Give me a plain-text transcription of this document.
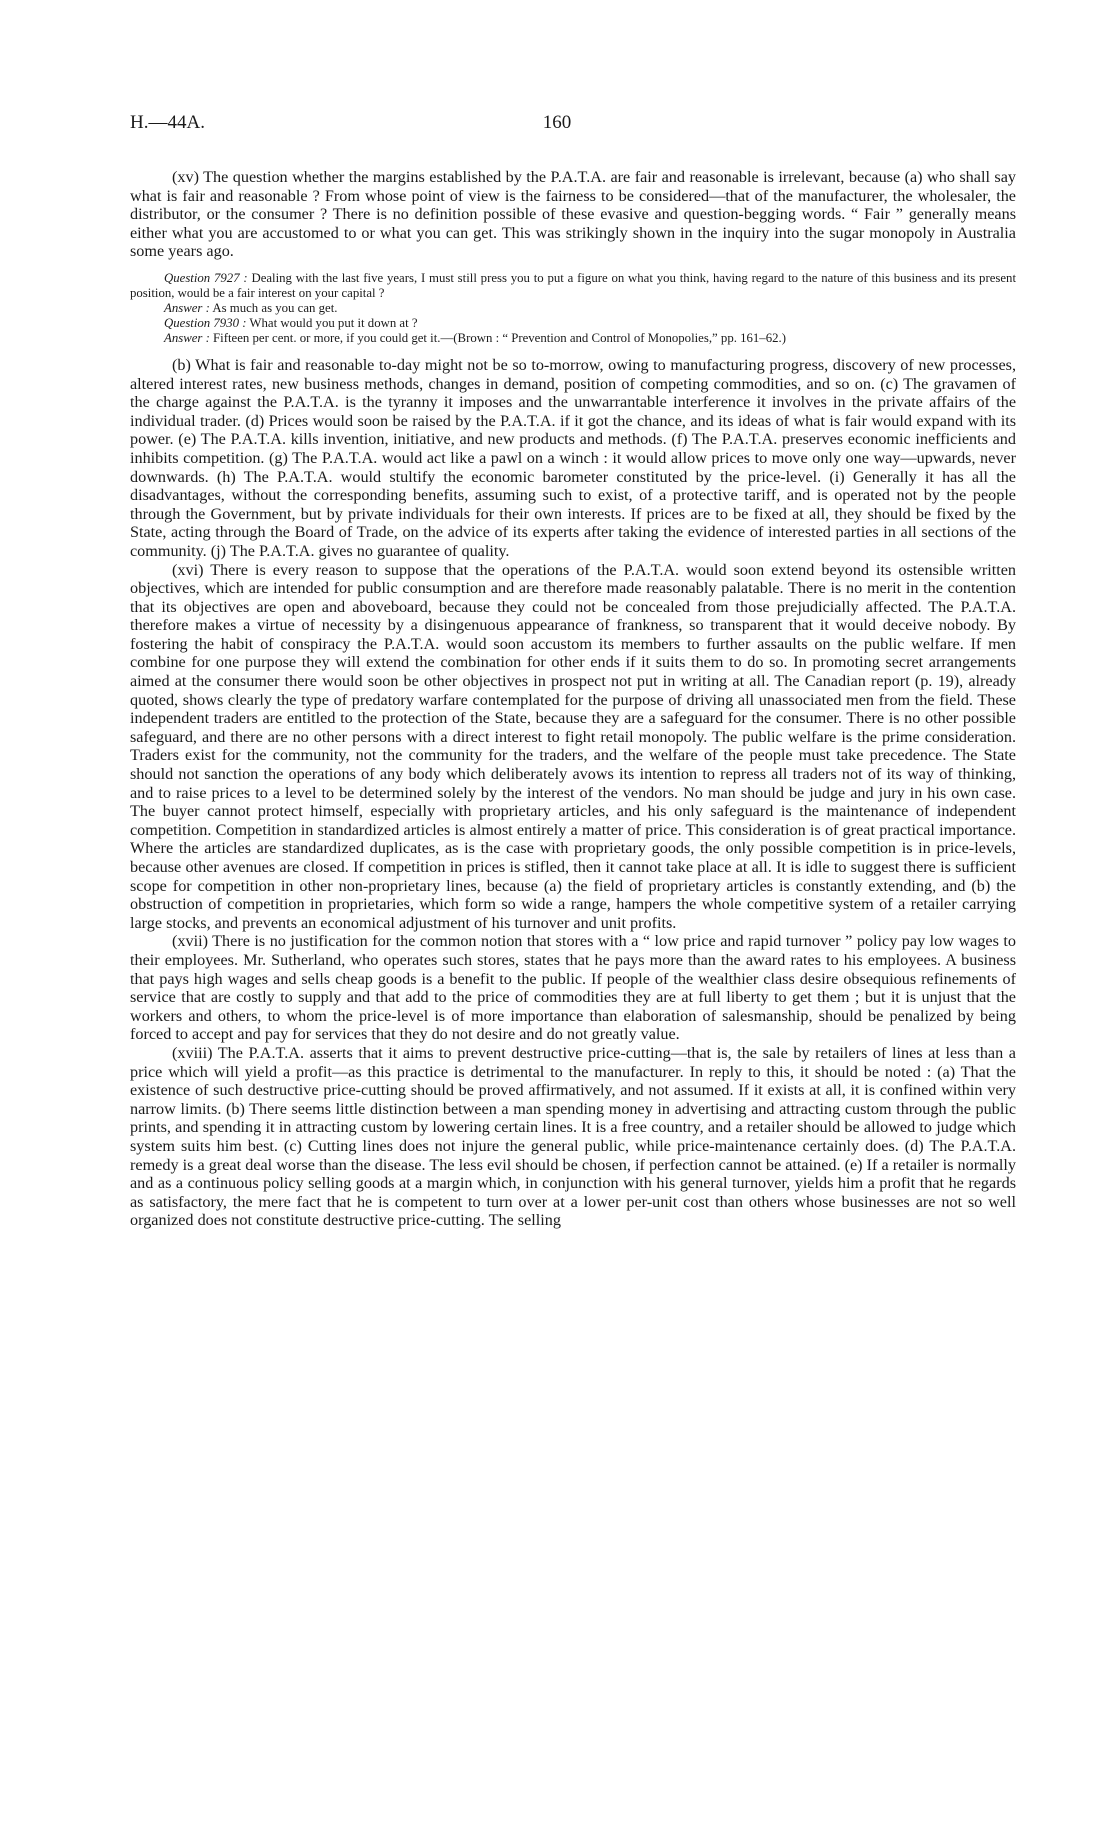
H.—44A.	160

(xv) The question whether the margins established by the P.A.T.A. are fair and reasonable is irrelevant, because (a) who shall say what is fair and reasonable ? From whose point of view is the fairness to be considered—that of the manufacturer, the wholesaler, the distributor, or the consumer ? There is no definition possible of these evasive and question-begging words. “ Fair ” generally means either what you are accustomed to or what you can get. This was strikingly shown in the inquiry into the sugar monopoly in Australia some years ago.

Question 7927 : Dealing with the last five years, I must still press you to put a figure on what you think, having regard to the nature of this business and its present position, would be a fair interest on your capital ?

Answer : As much as you can get.

Question 7930 : What would you put it down at ?

Answer : Fifteen per cent. or more, if you could get it.—(Brown : “ Prevention and Control of Monopolies,” pp. 161–62.)

(b) What is fair and reasonable to-day might not be so to-morrow, owing to manufacturing progress, discovery of new processes, altered interest rates, new business methods, changes in demand, position of competing commodities, and so on. (c) The gravamen of the charge against the P.A.T.A. is the tyranny it imposes and the unwarrantable interference it involves in the private affairs of the individual trader. (d) Prices would soon be raised by the P.A.T.A. if it got the chance, and its ideas of what is fair would expand with its power. (e) The P.A.T.A. kills invention, initiative, and new products and methods. (f) The P.A.T.A. preserves economic inefficients and inhibits competition. (g) The P.A.T.A. would act like a pawl on a winch : it would allow prices to move only one way—upwards, never downwards. (h) The P.A.T.A. would stultify the economic barometer constituted by the price-level. (i) Generally it has all the disadvantages, without the corresponding benefits, assuming such to exist, of a protective tariff, and is operated not by the people through the Government, but by private individuals for their own interests. If prices are to be fixed at all, they should be fixed by the State, acting through the Board of Trade, on the advice of its experts after taking the evidence of interested parties in all sections of the community. (j) The P.A.T.A. gives no guarantee of quality.

(xvi) There is every reason to suppose that the operations of the P.A.T.A. would soon extend beyond its ostensible written objectives, which are intended for public consumption and are therefore made reasonably palatable. There is no merit in the contention that its objectives are open and aboveboard, because they could not be concealed from those prejudicially affected. The P.A.T.A. therefore makes a virtue of necessity by a disingenuous appearance of frankness, so transparent that it would deceive nobody. By fostering the habit of conspiracy the P.A.T.A. would soon accustom its members to further assaults on the public welfare. If men combine for one purpose they will extend the combination for other ends if it suits them to do so. In promoting secret arrangements aimed at the consumer there would soon be other objectives in prospect not put in writing at all. The Canadian report (p. 19), already quoted, shows clearly the type of predatory warfare contemplated for the purpose of driving all unassociated men from the field. These independent traders are entitled to the protection of the State, because they are a safeguard for the consumer. There is no other possible safeguard, and there are no other persons with a direct interest to fight retail monopoly. The public welfare is the prime consideration. Traders exist for the community, not the community for the traders, and the welfare of the people must take precedence. The State should not sanction the operations of any body which deliberately avows its intention to repress all traders not of its way of thinking, and to raise prices to a level to be determined solely by the interest of the vendors. No man should be judge and jury in his own case. The buyer cannot protect himself, especially with proprietary articles, and his only safeguard is the maintenance of independent competition. Competition in standardized articles is almost entirely a matter of price. This consideration is of great practical importance. Where the articles are standardized duplicates, as is the case with proprietary goods, the only possible competition is in price-levels, because other avenues are closed. If competition in prices is stifled, then it cannot take place at all. It is idle to suggest there is sufficient scope for competition in other non-proprietary lines, because (a) the field of proprietary articles is constantly extending, and (b) the obstruction of competition in proprietaries, which form so wide a range, hampers the whole competitive system of a retailer carrying large stocks, and prevents an economical adjustment of his turnover and unit profits.

(xvii) There is no justification for the common notion that stores with a “ low price and rapid turnover ” policy pay low wages to their employees. Mr. Sutherland, who operates such stores, states that he pays more than the award rates to his employees. A business that pays high wages and sells cheap goods is a benefit to the public. If people of the wealthier class desire obsequious refinements of service that are costly to supply and that add to the price of commodities they are at full liberty to get them ; but it is unjust that the workers and others, to whom the price-level is of more importance than elaboration of salesmanship, should be penalized by being forced to accept and pay for services that they do not desire and do not greatly value.

(xviii) The P.A.T.A. asserts that it aims to prevent destructive price-cutting—that is, the sale by retailers of lines at less than a price which will yield a profit—as this practice is detrimental to the manufacturer. In reply to this, it should be noted : (a) That the existence of such destructive price-cutting should be proved affirmatively, and not assumed. If it exists at all, it is confined within very narrow limits. (b) There seems little distinction between a man spending money in advertising and attracting custom through the public prints, and spending it in attracting custom by lowering certain lines. It is a free country, and a retailer should be allowed to judge which system suits him best. (c) Cutting lines does not injure the general public, while price-maintenance certainly does. (d) The P.A.T.A. remedy is a great deal worse than the disease. The less evil should be chosen, if perfection cannot be attained. (e) If a retailer is normally and as a continuous policy selling goods at a margin which, in conjunction with his general turnover, yields him a profit that he regards as satisfactory, the mere fact that he is competent to turn over at a lower per-unit cost than others whose businesses are not so well organized does not constitute destructive price-cutting. The selling
